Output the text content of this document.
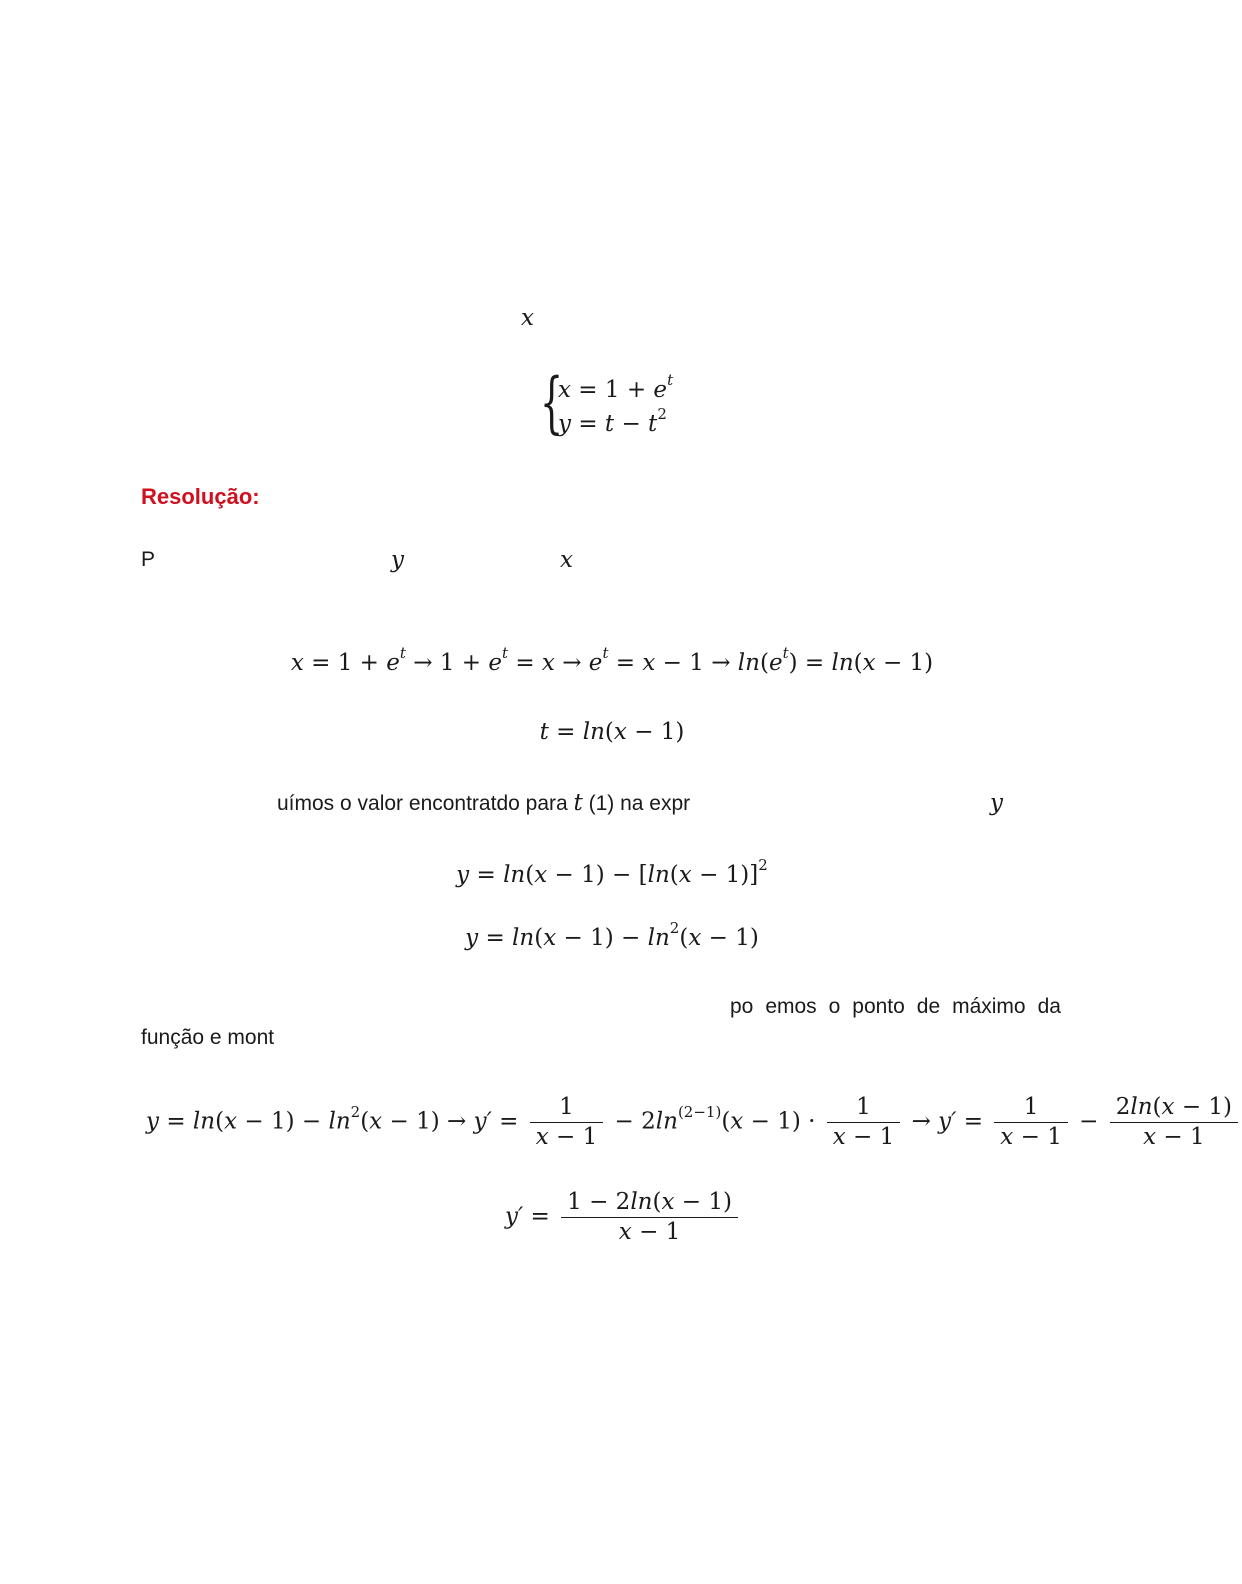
x
{
$x = 1 + e^t$
$y = t - t^2$
Resolução:
P	y	x
$x = 1 + e^t \to 1 + e^t = x \to e^t = x - 1 \to \ln(e^t) = \ln(x - 1)$
t = ln(x − 1)
uímos o valor encontratdo para t (1) na expr	y
$y = \ln(x - 1) - [\ln(x - 1)]^2$
$y = \ln(x - 1) - \ln^2(x - 1)$
po emos o ponto de máximo da
função e mont
$y = \ln(x - 1) - \ln^2(x - 1) \to y' = \frac{1}{x - 1} - 2\ln^{(2-1)}(x - 1) \cdot \frac{1}{x - 1} \to y' = \frac{1}{x - 1} - \frac{2\ln(x - 1)}{x - 1}$
$y' = \frac{1 - 2\ln(x - 1)}{x - 1}$
